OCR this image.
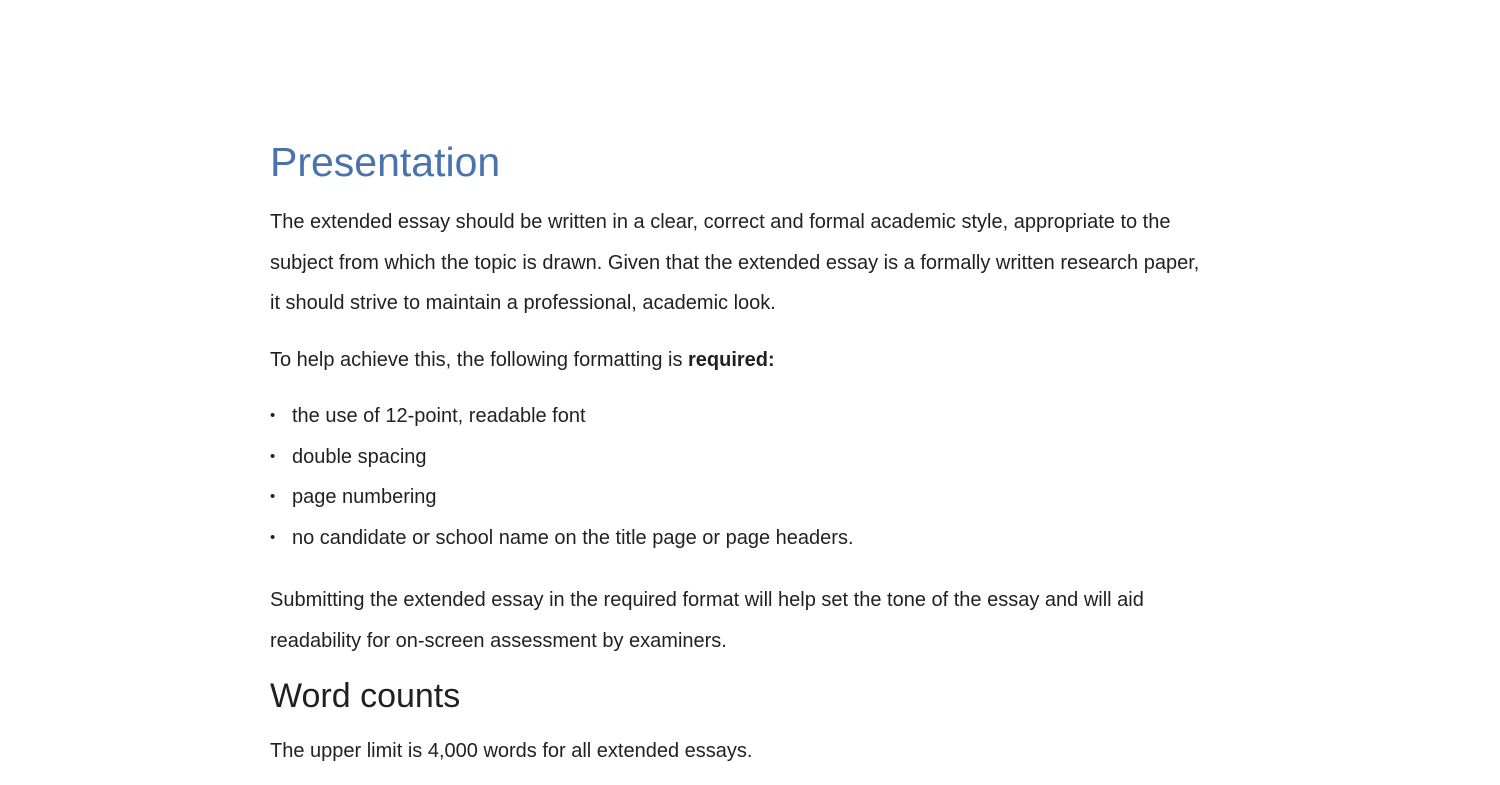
Presentation

The extended essay should be written in a clear, correct and formal academic style, appropriate to the
subject from which the topic is drawn. Given that the extended essay is a formally written research paper,
it should strive to maintain a professional, academic look.

To help achieve this, the following formatting is required:

• the use of 12-point, readable font
• double spacing
• page numbering
• no candidate or school name on the title page or page headers.

Submitting the extended essay in the required format will help set the tone of the essay and will aid
readability for on-screen assessment by examiners.

Word counts

The upper limit is 4,000 words for all extended essays.
